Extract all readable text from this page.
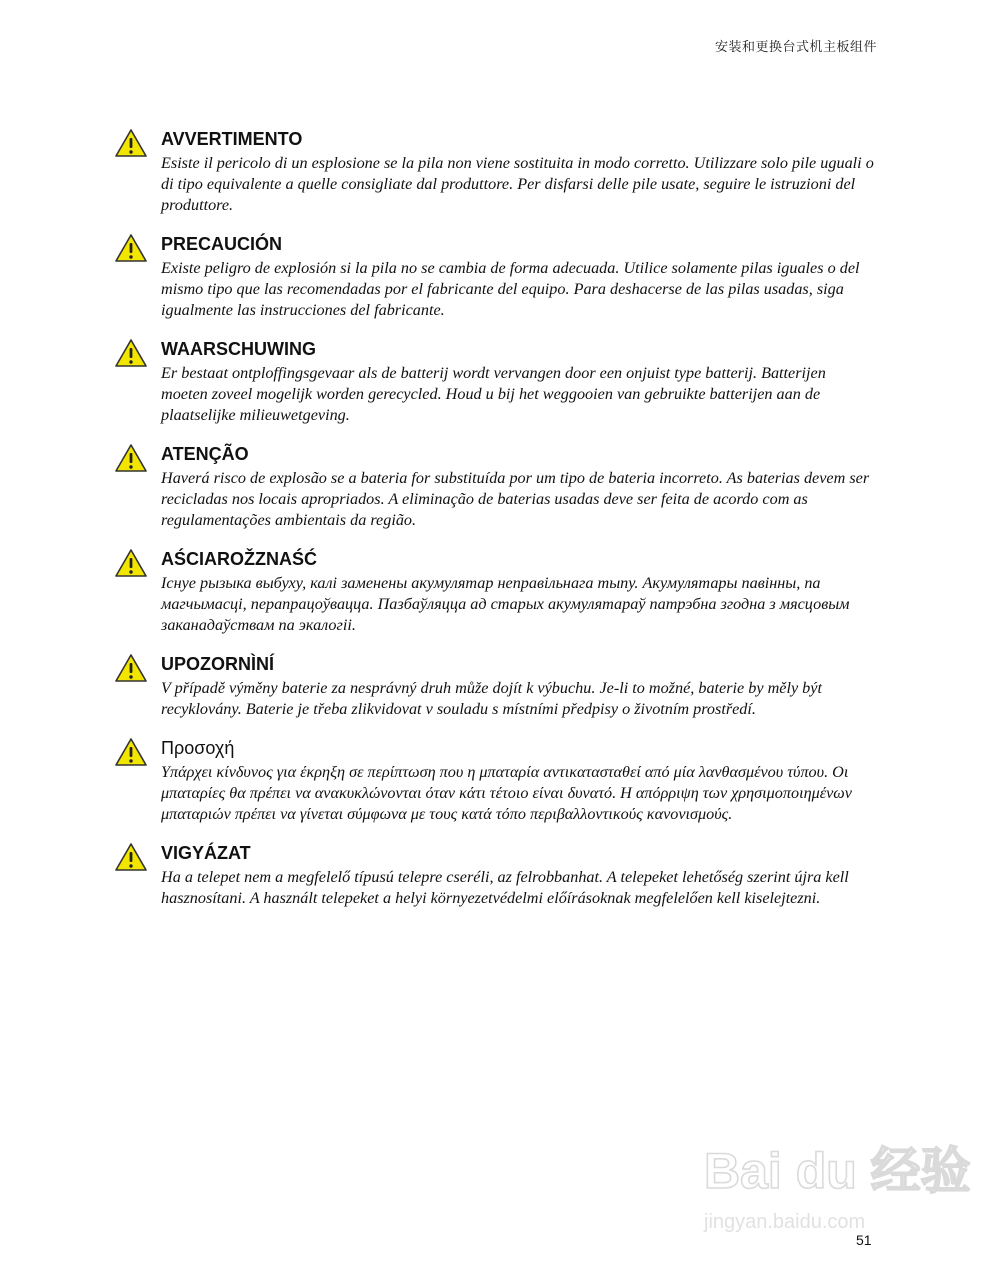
安装和更换台式机主板组件
AVVERTIMENTO

Esiste il pericolo di un esplosione se la pila non viene sostituita in modo corretto. Utilizzare solo pile uguali o di tipo equivalente a quelle consigliate dal produttore. Per disfarsi delle pile usate, seguire le istruzioni del produttore.

PRECAUCIÓN

Existe peligro de explosión si la pila no se cambia de forma adecuada. Utilice solamente pilas iguales o del mismo tipo que las recomendadas por el fabricante del equipo. Para deshacerse de las pilas usadas, siga igualmente las instrucciones del fabricante.

WAARSCHUWING

Er bestaat ontploffingsgevaar als de batterij wordt vervangen door een onjuist type batterij. Batterijen moeten zoveel mogelijk worden gerecycled. Houd u bij het weggooien van gebruikte batterijen aan de plaatselijke milieuwetgeving.

ATENÇÃO

Haverá risco de explosão se a bateria for substituída por um tipo de bateria incorreto. As baterias devem ser recicladas nos locais apropriados. A eliminação de baterias usadas deve ser feita de acordo com as regulamentações ambientais da região.

AŚCIAROŽZNAŚĆ

Існуе рызыка выбуху, калі заменены акумулятар неправільнага тыпу. Акумулятары павінны, па магчымасці, перапрацоўвацца. Пазбаўляцца ад старых акумулятараў патрэбна згодна з мясцовым заканадаўствам па экалогіі.

UPOZORNÌNÍ

V případě výměny baterie za nesprávný druh může dojít k výbuchu. Je-li to možné, baterie by měly být recyklovány. Baterie je třeba zlikvidovat v souladu s místními předpisy o životním prostředí.

Προσοχή

Υπάρχει κίνδυνος για έκρηξη σε περίπτωση που η μπαταρία αντικατασταθεί από μία λανθασμένου τύπου. Οι μπαταρίες θα πρέπει να ανακυκλώνονται όταν κάτι τέτοιο είναι δυνατό. Η απόρριψη των χρησιμοποιημένων μπαταριών πρέπει να γίνεται σύμφωνα με τους κατά τόπο περιβαλλοντικούς κανονισμούς.

VIGYÁZAT

Ha a telepet nem a megfelelő típusú telepre cseréli, az felrobbanhat. A telepeket lehetőség szerint újra kell hasznosítani. A használt telepeket a helyi környezetvédelmi előírásoknak megfelelően kell kiselejtezni.

Bai du 经验
jingyan.baidu.com
51
